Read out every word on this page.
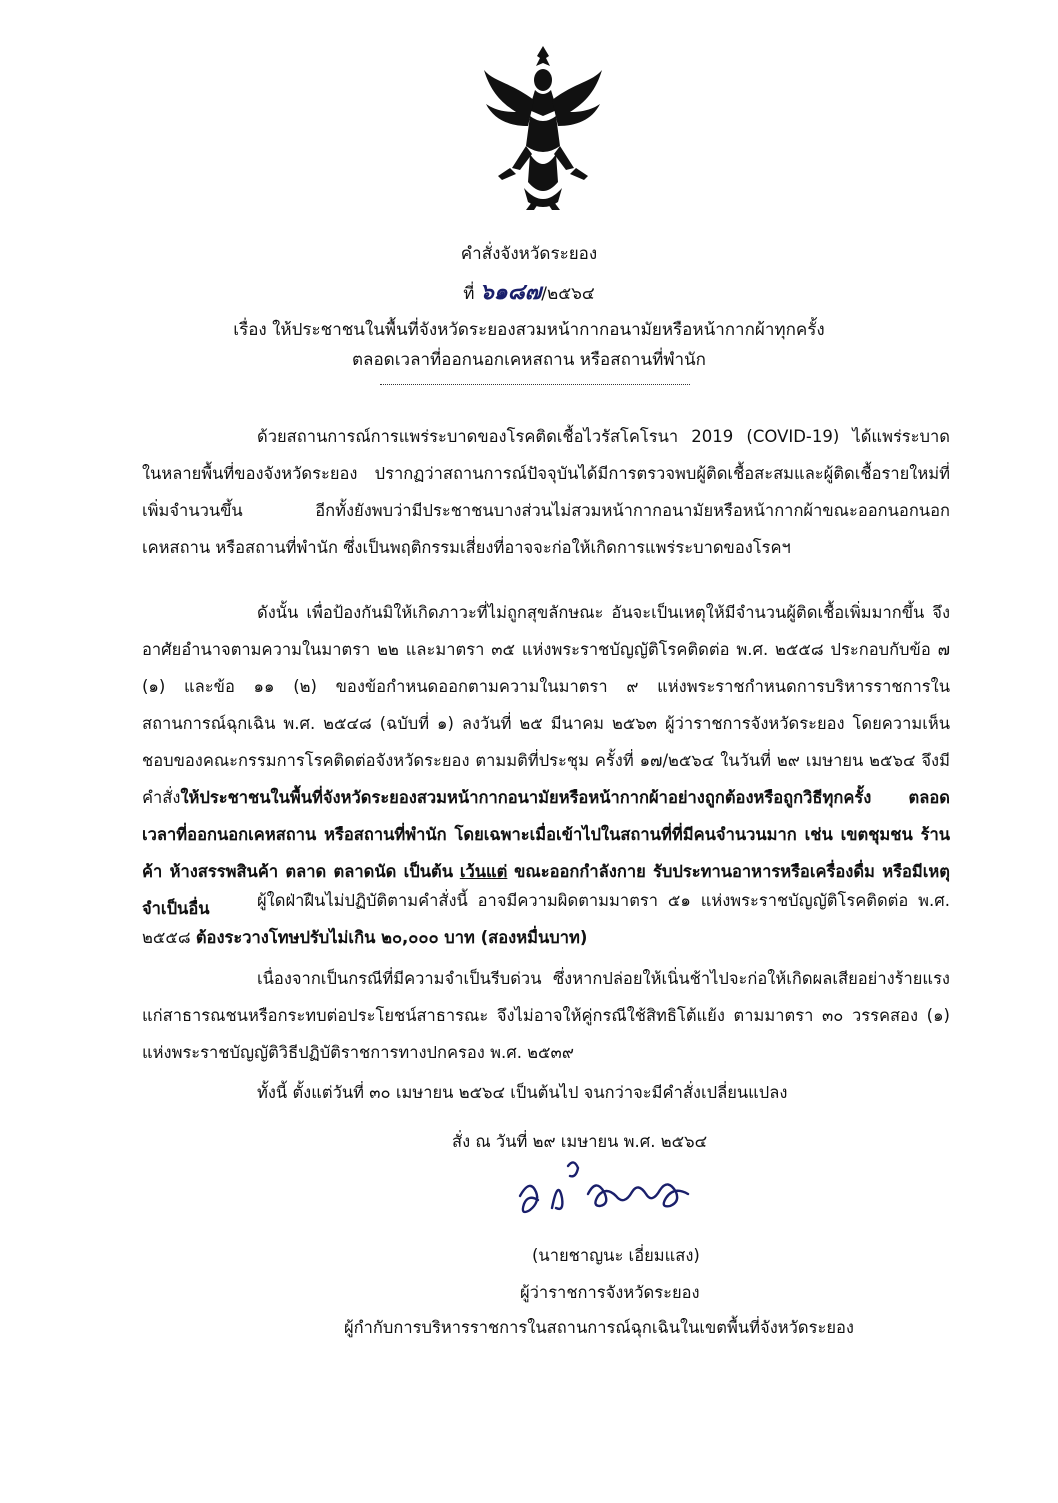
คำสั่งจังหวัดระยอง
ที่ ๖๑๘๗/๒๕๖๔
เรื่อง ให้ประชาชนในพื้นที่จังหวัดระยองสวมหน้ากากอนามัยหรือหน้ากากผ้าทุกครั้ง
ตลอดเวลาที่ออกนอกเคหสถาน หรือสถานที่พำนัก
ด้วยสถานการณ์การแพร่ระบาดของโรคติดเชื้อไวรัสโคโรนา 2019 (COVID-19) ได้แพร่ระบาด ในหลายพื้นที่ของจังหวัดระยอง ปรากฏว่าสถานการณ์ปัจจุบันได้มีการตรวจพบผู้ติดเชื้อสะสมและผู้ติดเชื้อรายใหม่ที่เพิ่มจำนวนขึ้น อีกทั้งยังพบว่ามีประชาชนบางส่วนไม่สวมหน้ากากอนามัยหรือหน้ากากผ้าขณะออกนอกนอกเคหสถาน หรือสถานที่พำนัก ซึ่งเป็นพฤติกรรมเสี่ยงที่อาจจะก่อให้เกิดการแพร่ระบาดของโรคฯ
ดังนั้น เพื่อป้องกันมิให้เกิดภาวะที่ไม่ถูกสุขลักษณะ อันจะเป็นเหตุให้มีจำนวนผู้ติดเชื้อเพิ่มมากขึ้น จึงอาศัยอำนาจตามความในมาตรา ๒๒ และมาตรา ๓๕ แห่งพระราชบัญญัติโรคติดต่อ พ.ศ. ๒๕๕๘ ประกอบกับข้อ ๗ (๑) และข้อ ๑๑ (๒) ของข้อกำหนดออกตามความในมาตรา ๙ แห่งพระราชกำหนดการบริหารราชการในสถานการณ์ฉุกเฉิน พ.ศ. ๒๕๔๘ (ฉบับที่ ๑) ลงวันที่ ๒๕ มีนาคม ๒๕๖๓ ผู้ว่าราชการจังหวัดระยอง โดยความเห็นชอบของคณะกรรมการโรคติดต่อจังหวัดระยอง ตามมติที่ประชุม ครั้งที่ ๑๗/๒๕๖๔ ในวันที่ ๒๙ เมษายน ๒๕๖๔ จึงมีคำสั่งให้ประชาชนในพื้นที่จังหวัดระยองสวมหน้ากากอนามัยหรือหน้ากากผ้าอย่างถูกต้องหรือถูกวิธีทุกครั้ง ตลอดเวลาที่ออกนอกเคหสถาน หรือสถานที่พำนัก โดยเฉพาะเมื่อเข้าไปในสถานที่ที่มีคนจำนวนมาก เช่น เขตชุมชน ร้านค้า ห้างสรรพสินค้า ตลาด ตลาดนัด เป็นต้น เว้นแต่ ขณะออกกำลังกาย รับประทานอาหารหรือเครื่องดื่ม หรือมีเหตุจำเป็นอื่น	ผู้ใดฝ่าฝืนไม่ปฏิบัติตามคำสั่งนี้ อาจมีความผิดตามมาตรา ๕๑ แห่งพระราชบัญญัติโรคติดต่อ พ.ศ. ๒๕๕๘ ต้องระวางโทษปรับไม่เกิน ๒๐,๐๐๐ บาท (สองหมื่นบาท)
เนื่องจากเป็นกรณีที่มีความจำเป็นรีบด่วน ซึ่งหากปล่อยให้เนิ่นช้าไปจะก่อให้เกิดผลเสียอย่างร้ายแรงแก่สาธารณชนหรือกระทบต่อประโยชน์สาธารณะ จึงไม่อาจให้คู่กรณีใช้สิทธิโต้แย้ง ตามมาตรา ๓๐ วรรคสอง (๑) แห่งพระราชบัญญัติวิธีปฏิบัติราชการทางปกครอง พ.ศ. ๒๕๓๙
ทั้งนี้ ตั้งแต่วันที่ ๓๐ เมษายน ๒๕๖๔ เป็นต้นไป จนกว่าจะมีคำสั่งเปลี่ยนแปลง
สั่ง ณ วันที่ ๒๙ เมษายน พ.ศ. ๒๕๖๔
(นายชาญนะ เอี่ยมแสง)
ผู้ว่าราชการจังหวัดระยอง
ผู้กำกับการบริหารราชการในสถานการณ์ฉุกเฉินในเขตพื้นที่จังหวัดระยอง
